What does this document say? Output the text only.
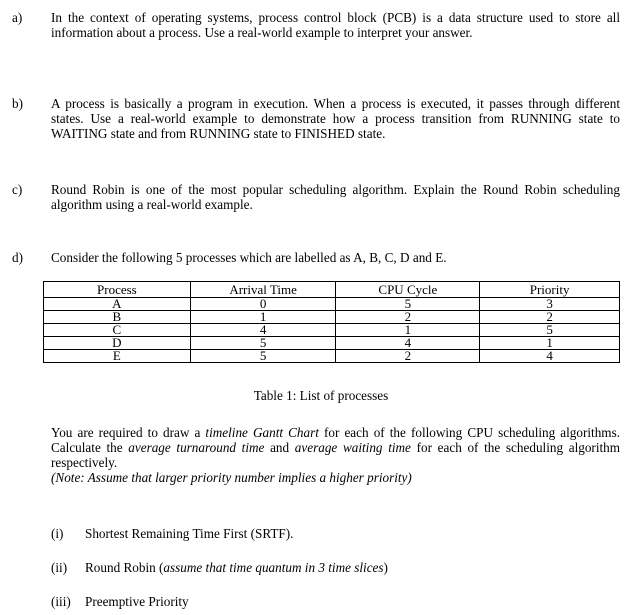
a) In the context of operating systems, process control block (PCB) is a data structure used to store all information about a process. Use a real-world example to interpret your answer.

b) A process is basically a program in execution. When a process is executed, it passes through different states. Use a real-world example to demonstrate how a process transition from RUNNING state to WAITING state and from RUNNING state to FINISHED state.

c) Round Robin is one of the most popular scheduling algorithm. Explain the Round Robin scheduling algorithm using a real-world example.

d) Consider the following 5 processes which are labelled as A, B, C, D and E.

Process	Arrival Time	CPU Cycle	Priority
A	0	5	3
B	1	2	2
C	4	1	5
D	5	4	1
E	5	2	4
Table 1: List of processes

You are required to draw a timeline Gantt Chart for each of the following CPU scheduling algorithms. Calculate the average turnaround time and average waiting time for each of the scheduling algorithm respectively.

(Note: Assume that larger priority number implies a higher priority)

(i) Shortest Remaining Time First (SRTF).
(ii) Round Robin (assume that time quantum in 3 time slices)
(iii) Preemptive Priority
